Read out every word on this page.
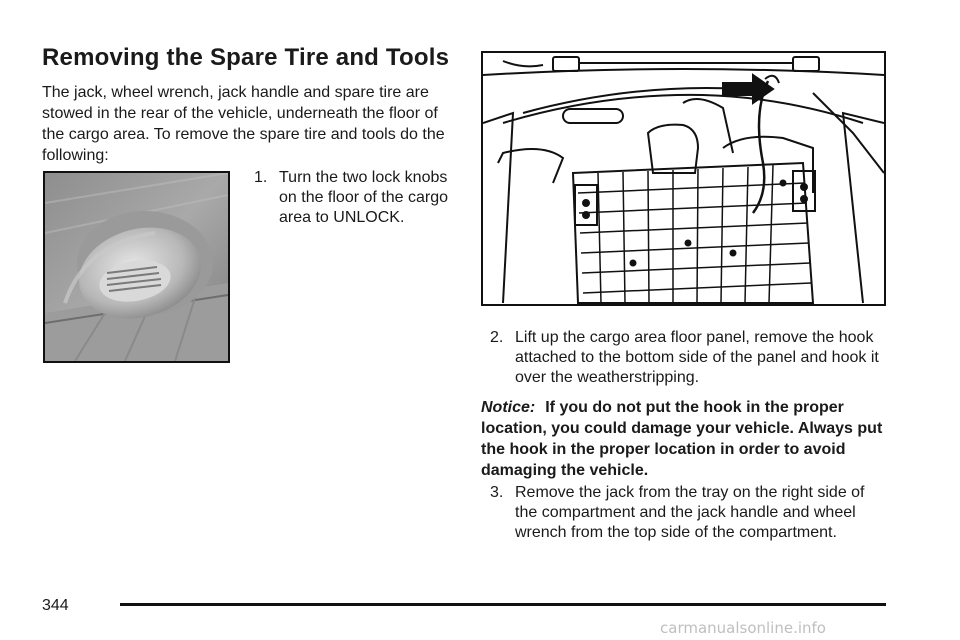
Removing the Spare Tire and Tools

The jack, wheel wrench, jack handle and spare tire are stowed in the rear of the vehicle, underneath the floor of the cargo area. To remove the spare tire and tools do the following:

1. Turn the two lock knobs on the floor of the cargo area to UNLOCK.
2. Lift up the cargo area floor panel, remove the hook attached to the bottom side of the panel and hook it over the weatherstripping.

Notice: If you do not put the hook in the proper location, you could damage your vehicle. Always put the hook in the proper location in order to avoid damaging the vehicle.

3. Remove the jack from the tray on the right side of the compartment and the jack handle and wheel wrench from the top side of the compartment.

344

carmanualsonline.info
